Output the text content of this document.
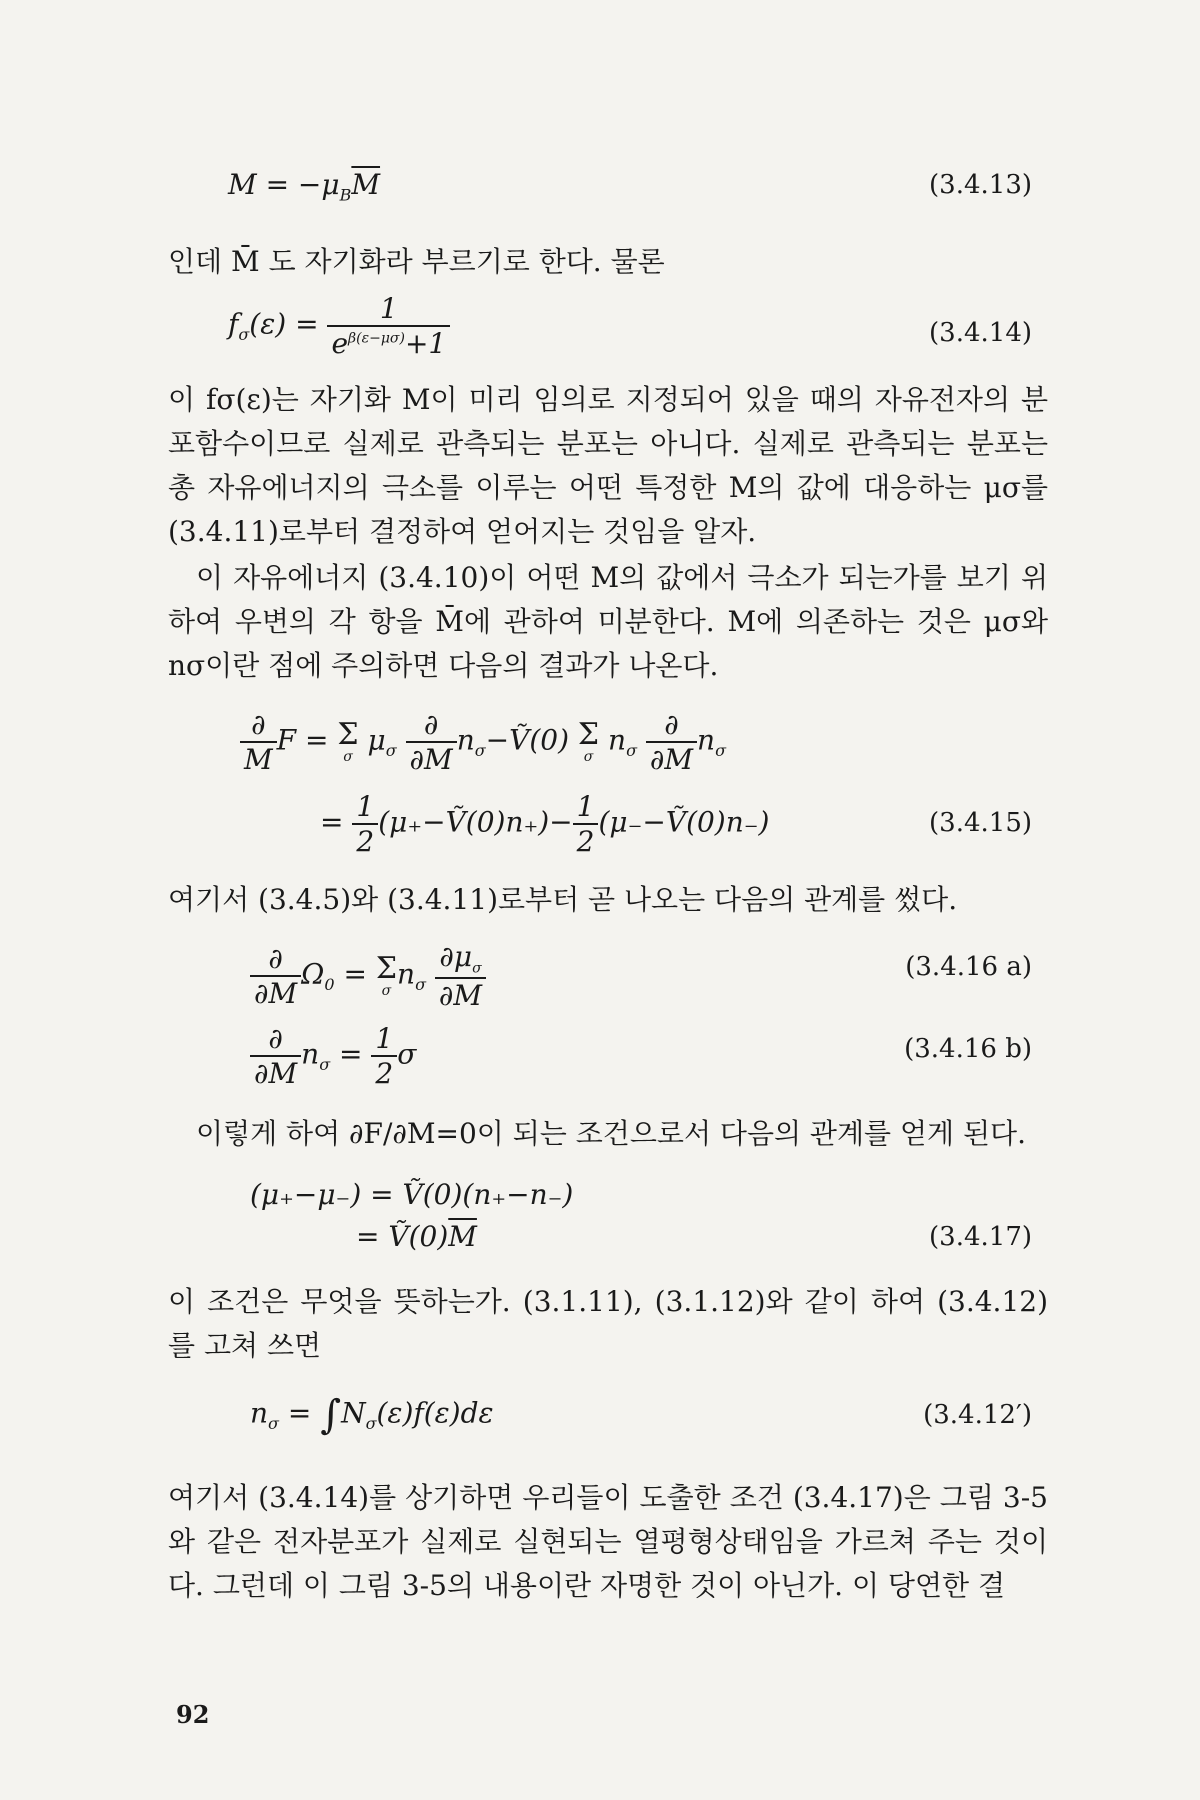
$M = -\mu_B\overline{M}$	(3.4.13)

인데 M̄ 도 자기화라 부르기로 한다. 물론

$f_\sigma(\varepsilon) = \frac{1}{e^{\beta(\varepsilon-\mu\sigma)}+1}$	(3.4.14)

이 fσ(ε)는 자기화 M이 미리 임의로 지정되어 있을 때의 자유전자의 분포함수이므로 실제로 관측되는 분포는 아니다. 실제로 관측되는 분포는 총 자유에너지의 극소를 이루는 어떤 특정한 M의 값에 대응하는 μσ를 (3.4.11)로부터 결정하여 얻어지는 것임을 알자.

이 자유에너지 (3.4.10)이 어떤 M의 값에서 극소가 되는가를 보기 위하여 우변의 각 항을 M̄에 관하여 미분한다. M에 의존하는 것은 μσ와 nσ이란 점에 주의하면 다음의 결과가 나온다.

$\frac{\partial}{M}$ F = Σ
σ
$\mu_\sigma \frac{\partial}{\partial\overline{M}}$ $n_\sigma-Ṽ(0)$ Σ
σ
$n_\sigma \frac{\partial}{\partial\overline{M}} n_\sigma$
= $\frac{1}{2}$ (μ₊−Ṽ(0)n₊)− $\frac{1}{2}$ (μ₋−Ṽ(0)n₋)	(3.4.15)

여기서 (3.4.5)와 (3.4.11)로부터 곧 나오는 다음의 관계를 썼다.

$\frac{\partial}{\partial\overline{M}} \Omega_0 = \Sigma$
σ
$n_\sigma \frac{\partial\mu_\sigma}{\partial\overline{M}}$	(3.4.16 a)
$\frac{\partial}{\partial\overline{M}} n_\sigma = \frac{1}{2}$ σ	(3.4.16 b)

이렇게 하여 ∂F/∂M=0이 되는 조건으로서 다음의 관계를 얻게 된다.

(μ₊−μ₋) = Ṽ(0)(n₊−n₋)
= $Ṽ(0)\overline{M}$	(3.4.17)

이 조건은 무엇을 뜻하는가. (3.1.11), (3.1.12)와 같이 하여 (3.4.12)를 고쳐 쓰면

$n_\sigma = \int N_\sigma(\varepsilon)f(\varepsilon)d\varepsilon$	(3.4.12′)

여기서 (3.4.14)를 상기하면 우리들이 도출한 조건 (3.4.17)은 그림 3-5와 같은 전자분포가 실제로 실현되는 열평형상태임을 가르쳐 주는 것이다. 그런데 이 그림 3-5의 내용이란 자명한 것이 아닌가. 이 당연한 결

92
